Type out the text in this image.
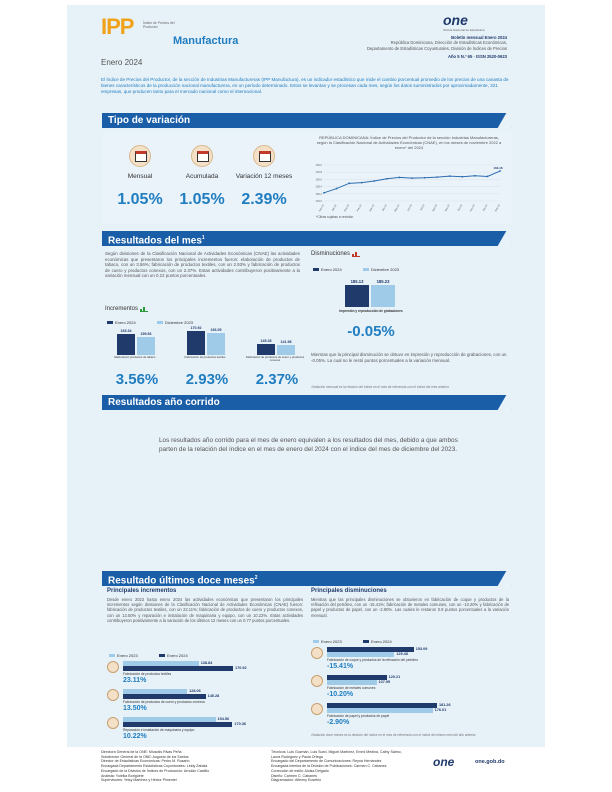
IPP	Índice de Precios del Productor
Manufactura
Enero 2024
one
Oficina Nacional de Estadística
Boletín mensual Enero 2024
República Dominicana, Dirección de Estadísticas Económicas,
Departamento de Estadísticas Coyunturales, División de Índices de Precios
Año 5 N.º 65 · ISSN 2520-0623
El Índice de Precios del Productor, de la sección de Industrias Manufactureras (IPP Manufactura), es un indicador estadístico que mide el cambio porcentual promedio de los precios de una canasta de bienes característicos de la producción nacional manufacturera, en un período determinado. Estos se levantan y se procesan cada mes, según los datos suministrados por aproximadamente, 321 empresas, que producen tanto para el mercado nacional como el internacional.
Tipo de variación
Mensual
1.05%
Acumulada
1.05%
Variación 12 meses
2.39%
REPÚBLICA DOMINICANA: Índice de Precios del Productor de la sección Industrias Manufactureras, según la Clasificación Nacional de Actividades Económicas (CNAE), en los meses de noviembre 2022 a enero* del 2024
154.0
156.2
158.4
160.6
162.8
165.0
Nov-22	Dic-22	Ene-23	Feb-23	Mar-23	Abr-23 May-23	Jun-23	Jul-23	Ago-23	Sep-23	Oct-23	Nov-23	Dic-23	Ene-24
163.16
*Cifras sujetas a revisión
Resultados del mes$^1$
Según divisiones de la Clasificación Nacional de Actividades Económicas (CNAE) las actividades económicas que presentaron los principales incrementos fueron: elaboración de productos de tabaco, con un 3.56%; fabricación de productos textiles, con un 2.93% y fabricación de productos de cuero y productos conexos, con un 2.37%. Estas actividades contribuyeron positivamente a la variación mensual con un 0.22 puntos porcentuales.
Incrementos
Enero 2024	Diciembre 2023
165.34
159.66
Elaboración productos de tabaco
3.56%
170.92
166.05
Fabricación de productos textiles
2.93%
145.28	141.98
Fabricación de productos de cuero y productos conexos
2.37%
Disminuciones
Enero 2024	Diciembre 2023
185.13	185.23
Impresión y reproducción de grabaciones
-0.05%
Mientras que la principal disminución se obtuvo en impresión y reproducción de grabaciones, con un -0.05%. La cual no le restó puntos porcentuales a la variación mensual.
¹Variación mensual es la relación del índice en el mes de referencia con el índice del mes anterior
Resultados año corrido
Los resultados año corrido para el mes de enero equivalen a los resultados del mes, debido a que ambos parten de la relación del índice en el mes de enero del 2024 con el índice del mes de diciembre del 2023.
Resultado últimos doce meses$^2$
Principales incrementos	Principales disminuciones
Desde enero 2023 hasta enero 2024 las actividades económicas que presentaron los principales incrementos según divisiones de la Clasificación Nacional de Actividades Económicas (CNAE) fueron: fabricación de productos textiles, con un 23.11%; fabricación de productos de cuero y productos conexos, con un 13.50% y reparación e instalación de maquinaria y equipo, con un 10.22%. Estas actividades contribuyeron positivamente a la variación de los últimos 12 meses con un 0.77 puntos porcentuales.
Mientras que las principales disminuciones se obtuvieron en fabricación de coque y productos de la refinación del petróleo, con un -15.41%; fabricación de metales comunes, con un -10.20% y fabricación de papel y productos de papel, con un -2.90%. Las cuales le restaron 0.9 puntos porcentuales a la variación mensual.
Enero 2023	Enero 2024
Enero 2023	Enero 2024
138.84
170.92
Fabricación de productos textiles
23.11%
128.06
145.28
Fabricación de productos de cuero y productos conexos
13.50%
154.56
170.36
Reparación e instalación de maquinaria y equipo
10.22%
153.09
129.48
Fabricación de coque y productos de la refinación del petróleo
-15.41%
120.21
107.95
Fabricación de metales comunes
-10.20%
181.26
176.01
Fabricación de papel y productos de papel
-2.90%
²Variación doce meses es la relación del índice en el mes de referencia con el índice del mismo mes del año anterior
Directora General de la ONE: Miosotis Rivas Peña
Subdirector General de la ONE: Augusto de los Santos
Director de Estadísticas Económicas: Pedro M. Rosario
Encargada Departamento Estadísticas Coyunturales: Leidy Zabala
Encargado de la División de Índices de Producción: Arnoldo Castillo
Analista: Yulelka Borigüete
Supervisores: Yeisy Martínez y Héctor Pimentel
Técnicos: Luis Guzmán, Luis Sued, Miguel Martínez, Emmi Medina, Cathy Salmo,
Laura Rodríguez y Paola Ortega
Encargado del Departamento de Comunicaciones: Reyna Hernández
Encargada interina de la División de Publicaciones: Carmen C. Cabanes
Corrección de estilo: Aloisa Delgado
Diseño: Carmen C. Cabanes
Diagramación: Alfenny Eusebio
one	one.gob.do
